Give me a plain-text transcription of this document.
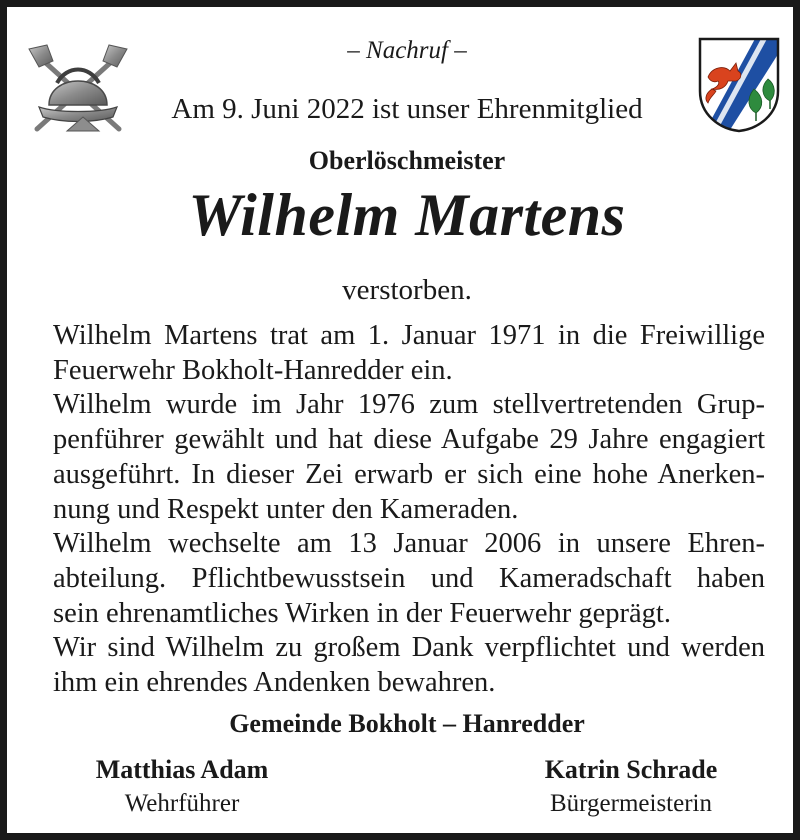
– Nachruf –
Am 9. Juni 2022 ist unser Ehrenmitglied
Oberlöschmeister
Wilhelm Martens
verstorben.
Wilhelm Martens trat am 1. Januar 1971 in die Freiwillige
Feuerwehr Bokholt-Hanredder ein.
Wilhelm wurde im Jahr 1976 zum stellvertretenden Grup-
penführer gewählt und hat diese Aufgabe 29 Jahre engagiert
ausgeführt. In dieser Zei erwarb er sich eine hohe Anerken-
nung und Respekt unter den Kameraden.
Wilhelm wechselte am 13 Januar 2006 in unsere Ehren-
abteilung. Pflichtbewusstsein und Kameradschaft haben
sein ehrenamtliches Wirken in der Feuerwehr geprägt.
Wir sind Wilhelm zu großem Dank verpflichtet und werden
ihm ein ehrendes Andenken bewahren.
Gemeinde Bokholt – Hanredder
Matthias Adam
Wehrführer
Katrin Schrade
Bürgermeisterin
